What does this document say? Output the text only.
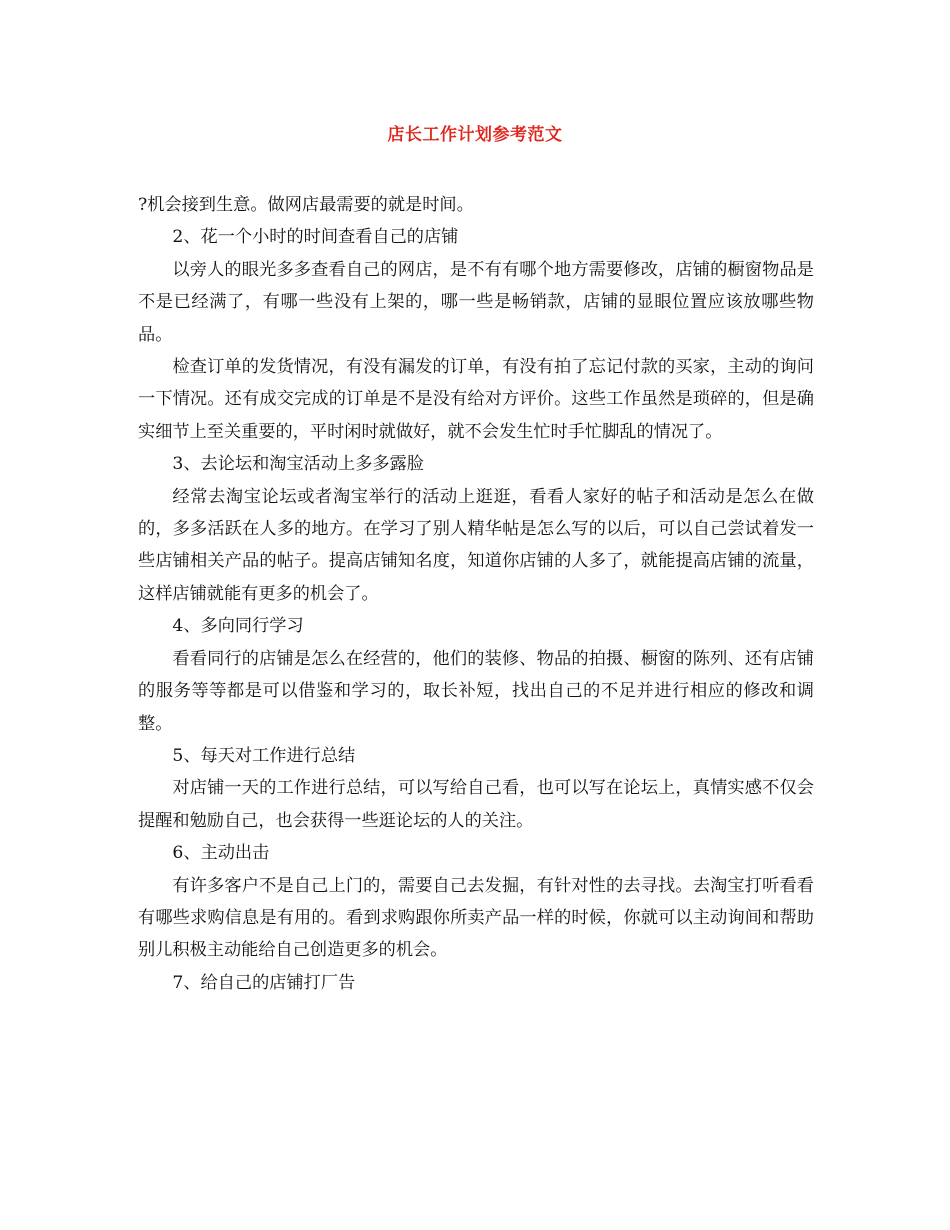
店长工作计划参考范文

?机会接到生意。做网店最需要的就是时间。

2、花一个小时的时间查看自己的店铺

以旁人的眼光多多查看自己的网店，是不有有哪个地方需要修改，店铺的橱窗物品是不是已经满了，有哪一些没有上架的，哪一些是畅销款，店铺的显眼位置应该放哪些物品。

检查订单的发货情况，有没有漏发的订单，有没有拍了忘记付款的买家，主动的询问一下情况。还有成交完成的订单是不是没有给对方评价。这些工作虽然是琐碎的，但是确实细节上至关重要的，平时闲时就做好，就不会发生忙时手忙脚乱的情况了。

3、去论坛和淘宝活动上多多露脸

经常去淘宝论坛或者淘宝举行的活动上逛逛，看看人家好的帖子和活动是怎么在做的，多多活跃在人多的地方。在学习了别人精华帖是怎么写的以后，可以自己尝试着发一些店铺相关产品的帖子。提高店铺知名度，知道你店铺的人多了，就能提高店铺的流量，这样店铺就能有更多的机会了。

4、多向同行学习

看看同行的店铺是怎么在经营的，他们的装修、物品的拍摄、橱窗的陈列、还有店铺的服务等等都是可以借鉴和学习的，取长补短，找出自己的不足并进行相应的修改和调整。

5、每天对工作进行总结

对店铺一天的工作进行总结，可以写给自己看，也可以写在论坛上，真情实感不仅会提醒和勉励自己，也会获得一些逛论坛的人的关注。

6、主动出击

有许多客户不是自己上门的，需要自己去发掘，有针对性的去寻找。去淘宝打听看看有哪些求购信息是有用的。看到求购跟你所卖产品一样的时候，你就可以主动询间和帮助别儿积极主动能给自己创造更多的机会。

7、给自己的店铺打厂告
